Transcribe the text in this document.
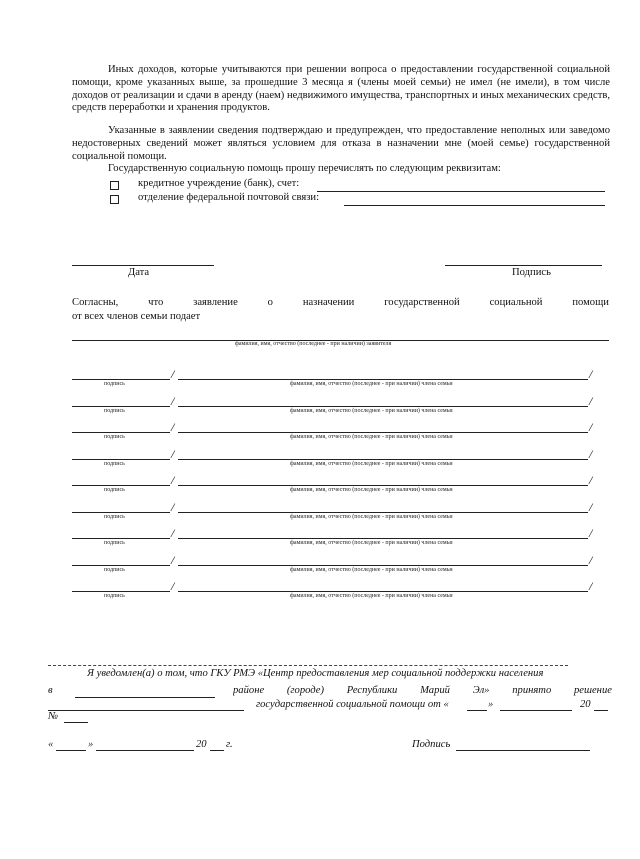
Иных доходов, которые учитываются при решении вопроса о предоставлении государственной социальной помощи, кроме указанных выше, за прошедшие 3 месяца я (члены моей семьи) не имел (не имели), в том числе доходов от реализации и сдачи в аренду (наем) недвижимого имущества, транспортных и иных механических средств, средств переработки и хранения продуктов.
Указанные в заявлении сведения подтверждаю и предупрежден, что предоставление неполных или заведомо недостоверных сведений может являться условием для отказа в назначении мне (моей семье) государственной социальной помощи.
Государственную социальную помощь прошу перечислять по следующим реквизитам:
кредитное учреждение (банк), счет:
отделение федеральной почтовой связи:
Дата	Подпись
Согласны,	что	заявление	о	назначении	государственной	социальной	помощи
от всех членов семьи подает
фамилия, имя, отчество (последнее - при наличии) заявителя
/	/
подпись	фамилия, имя, отчество (последнее - при наличии) члена семьи
/	/
подпись	фамилия, имя, отчество (последнее - при наличии) члена семьи
/	/
подпись	фамилия, имя, отчество (последнее - при наличии) члена семьи
/	/
подпись	фамилия, имя, отчество (последнее - при наличии) члена семьи
/	/
подпись	фамилия, имя, отчество (последнее - при наличии) члена семьи
/	/
подпись	фамилия, имя, отчество (последнее - при наличии) члена семьи
/	/
подпись	фамилия, имя, отчество (последнее - при наличии) члена семьи
/	/
подпись	фамилия, имя, отчество (последнее - при наличии) члена семьи
/	/
подпись	фамилия, имя, отчество (последнее - при наличии) члена семьи
Я уведомлен(а) о том, что ГКУ РМЭ «Центр предоставления мер социальной поддержки населения
в	районе (городе) Республики Марий Эл» принято решение
государственной социальной помощи от «	»	20
№
«	»	20 г.	Подпись
